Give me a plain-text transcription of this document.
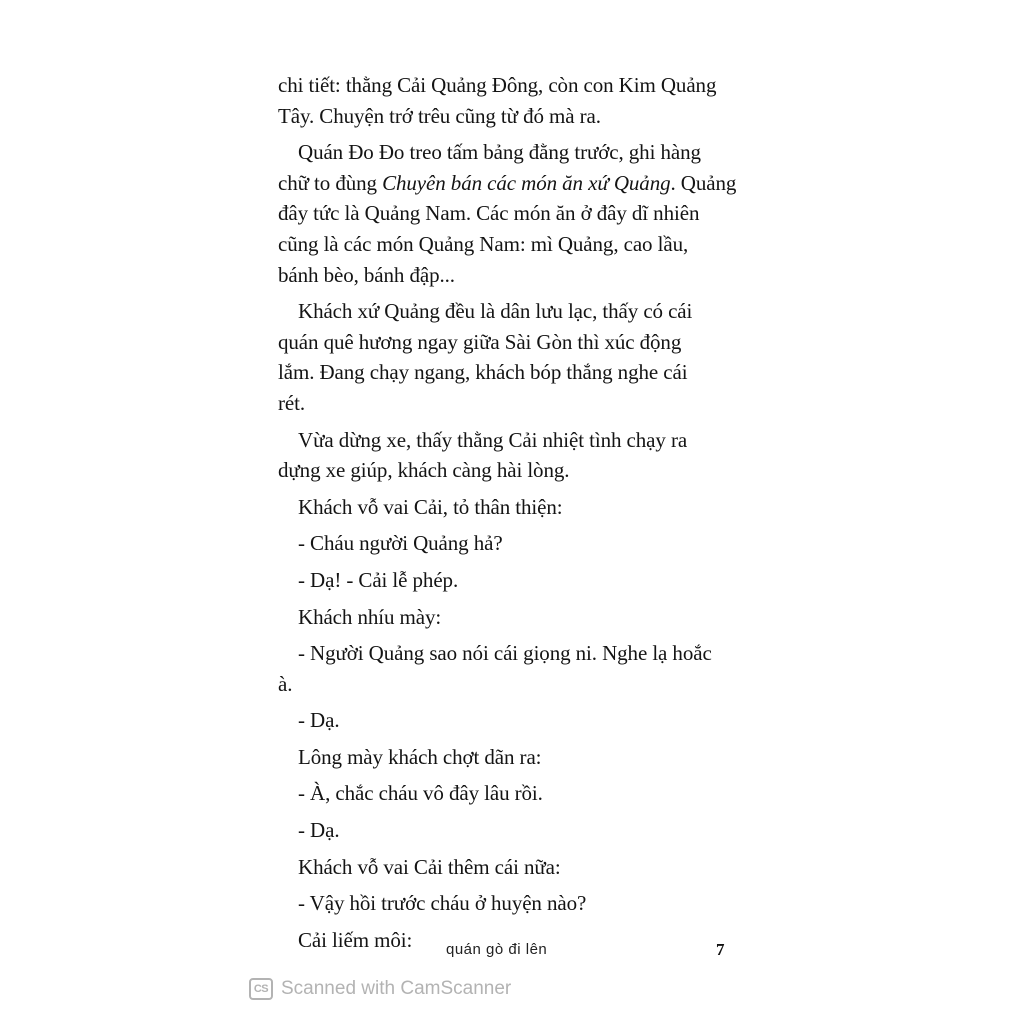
chi tiết: thằng Cải Quảng Đông, còn con Kim Quảng
Tây. Chuyện trớ trêu cũng từ đó mà ra.

Quán Đo Đo treo tấm bảng đằng trước, ghi hàng
chữ to đùng Chuyên bán các món ăn xứ Quảng. Quảng
đây tức là Quảng Nam. Các món ăn ở đây dĩ nhiên
cũng là các món Quảng Nam: mì Quảng, cao lầu,
bánh bèo, bánh đập...

Khách xứ Quảng đều là dân lưu lạc, thấy có cái
quán quê hương ngay giữa Sài Gòn thì xúc động
lắm. Đang chạy ngang, khách bóp thắng nghe cái
rét.

Vừa dừng xe, thấy thằng Cải nhiệt tình chạy ra
dựng xe giúp, khách càng hài lòng.

Khách vỗ vai Cải, tỏ thân thiện:
- Cháu người Quảng hả?
- Dạ! - Cải lễ phép.
Khách nhíu mày:

- Người Quảng sao nói cái giọng ni. Nghe lạ hoắc
à.

- Dạ.
Lông mày khách chợt dãn ra:
- À, chắc cháu vô đây lâu rồi.
- Dạ.
Khách vỗ vai Cải thêm cái nữa:
- Vậy hồi trước cháu ở huyện nào?
Cải liếm môi:	quán gò đi lên	7
CS Scanned with CamScanner
